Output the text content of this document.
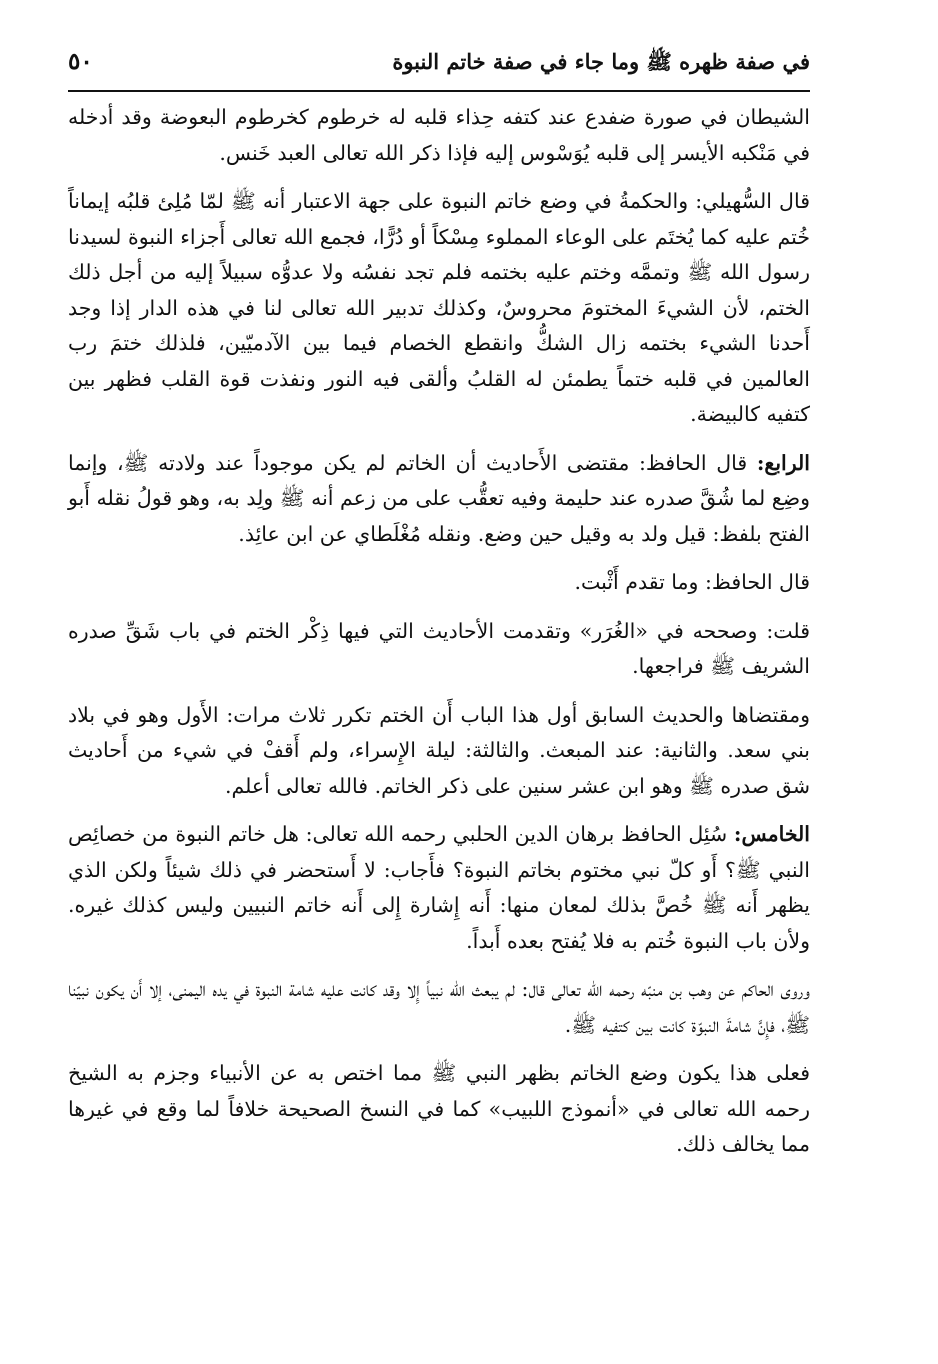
في صفة ظهره ﷺ وما جاء في صفة خاتم النبوة
٥٠

الشيطان في صورة ضفدع عند كتفه حِذاء قلبه له خرطوم كخرطوم البعوضة وقد أدخله في مَنْكبه الأيسر إلى قلبه يُوَسْوس إليه فإذا ذكر الله تعالى العبد خَنس.

قال السُّهيلي: والحكمةُ في وضع خاتم النبوة على جهة الاعتبار أنه ﷺ لمّا مُلِئ قلبُه إيماناً خُتم عليه كما يُختَم على الوعاء المملوء مِسْكاً أو دُرًّا، فجمع الله تعالى أَجزاء النبوة لسيدنا رسول الله ﷺ وتممَّه وختم عليه بختمه فلم تجد نفسُه ولا عدوُّه سبيلاً إليه من أجل ذلك الختم، لأن الشيءَ المختومَ محروسٌ، وكذلك تدبير الله تعالى لنا في هذه الدار إذا وجد أَحدنا الشيء بختمه زال الشكُّ وانقطع الخصام فيما بين الآدميّين، فلذلك ختمَ رب العالمين في قلبه ختماً يطمئن له القلبُ وألقى فيه النور ونفذت قوة القلب فظهر بين كتفيه كالبيضة.

الرابع: قال الحافظ: مقتضى الأَحاديث أن الخاتم لم يكن موجوداً عند ولادته ﷺ، وإنما وضِع لما شُقَّ صدره عند حليمة وفيه تعقُّب على من زعم أنه ﷺ ولِد به، وهو قولُ نقله أَبو الفتح بلفظ: قيل ولد به وقيل حين وضع. ونقله مُغْلَطاي عن ابن عائِذ.

قال الحافظ: وما تقدم أَثْبت.

قلت: وصححه في «الغُرَر» وتقدمت الأحاديث التي فيها ذِكْر الختم في باب شَقِّ صدره الشريف ﷺ فراجعها.

ومقتضاها والحديث السابق أول هذا الباب أَن الختم تكرر ثلاث مرات: الأَول وهو في بلاد بني سعد. والثانية: عند المبعث. والثالثة: ليلة الإِسراء، ولم أَقفْ في شيء من أَحاديث شق صدره ﷺ وهو ابن عشر سنين على ذكر الخاتم. فالله تعالى أعلم.

الخامس: سُئِل الحافظ برهان الدين الحلبي رحمه الله تعالى: هل خاتم النبوة من خصائِص النبي ﷺ؟ أَو كلّ نبي مختوم بخاتم النبوة؟ فأَجاب: لا أَستحضر في ذلك شيئاً ولكن الذي يظهر أَنه ﷺ خُصَّ بذلك لمعان منها: أَنه إِشارة إِلى أَنه خاتم النبيين وليس كذلك غيره. ولأن باب النبوة خُتم به فلا يُفتح بعده أَبداً.

وروى الحاكم عن وهب بن منبّه رحمه الله تعالى قال: لم يبعث الله نبياً إِلا وقد كانت عليه شامة النبوة في يده اليمنى، إلا أَن يكون نبيّنا ﷺ، فإِنَّ شامةَ النبوّة كانت بين كتفيه ﷺ.

فعلى هذا يكون وضع الخاتم بظهر النبي ﷺ مما اختص به عن الأنبياء وجزم به الشيخ رحمه الله تعالى في «أنموذج اللبيب» كما في النسخ الصحيحة خلافاً لما وقع في غيرها مما يخالف ذلك.
